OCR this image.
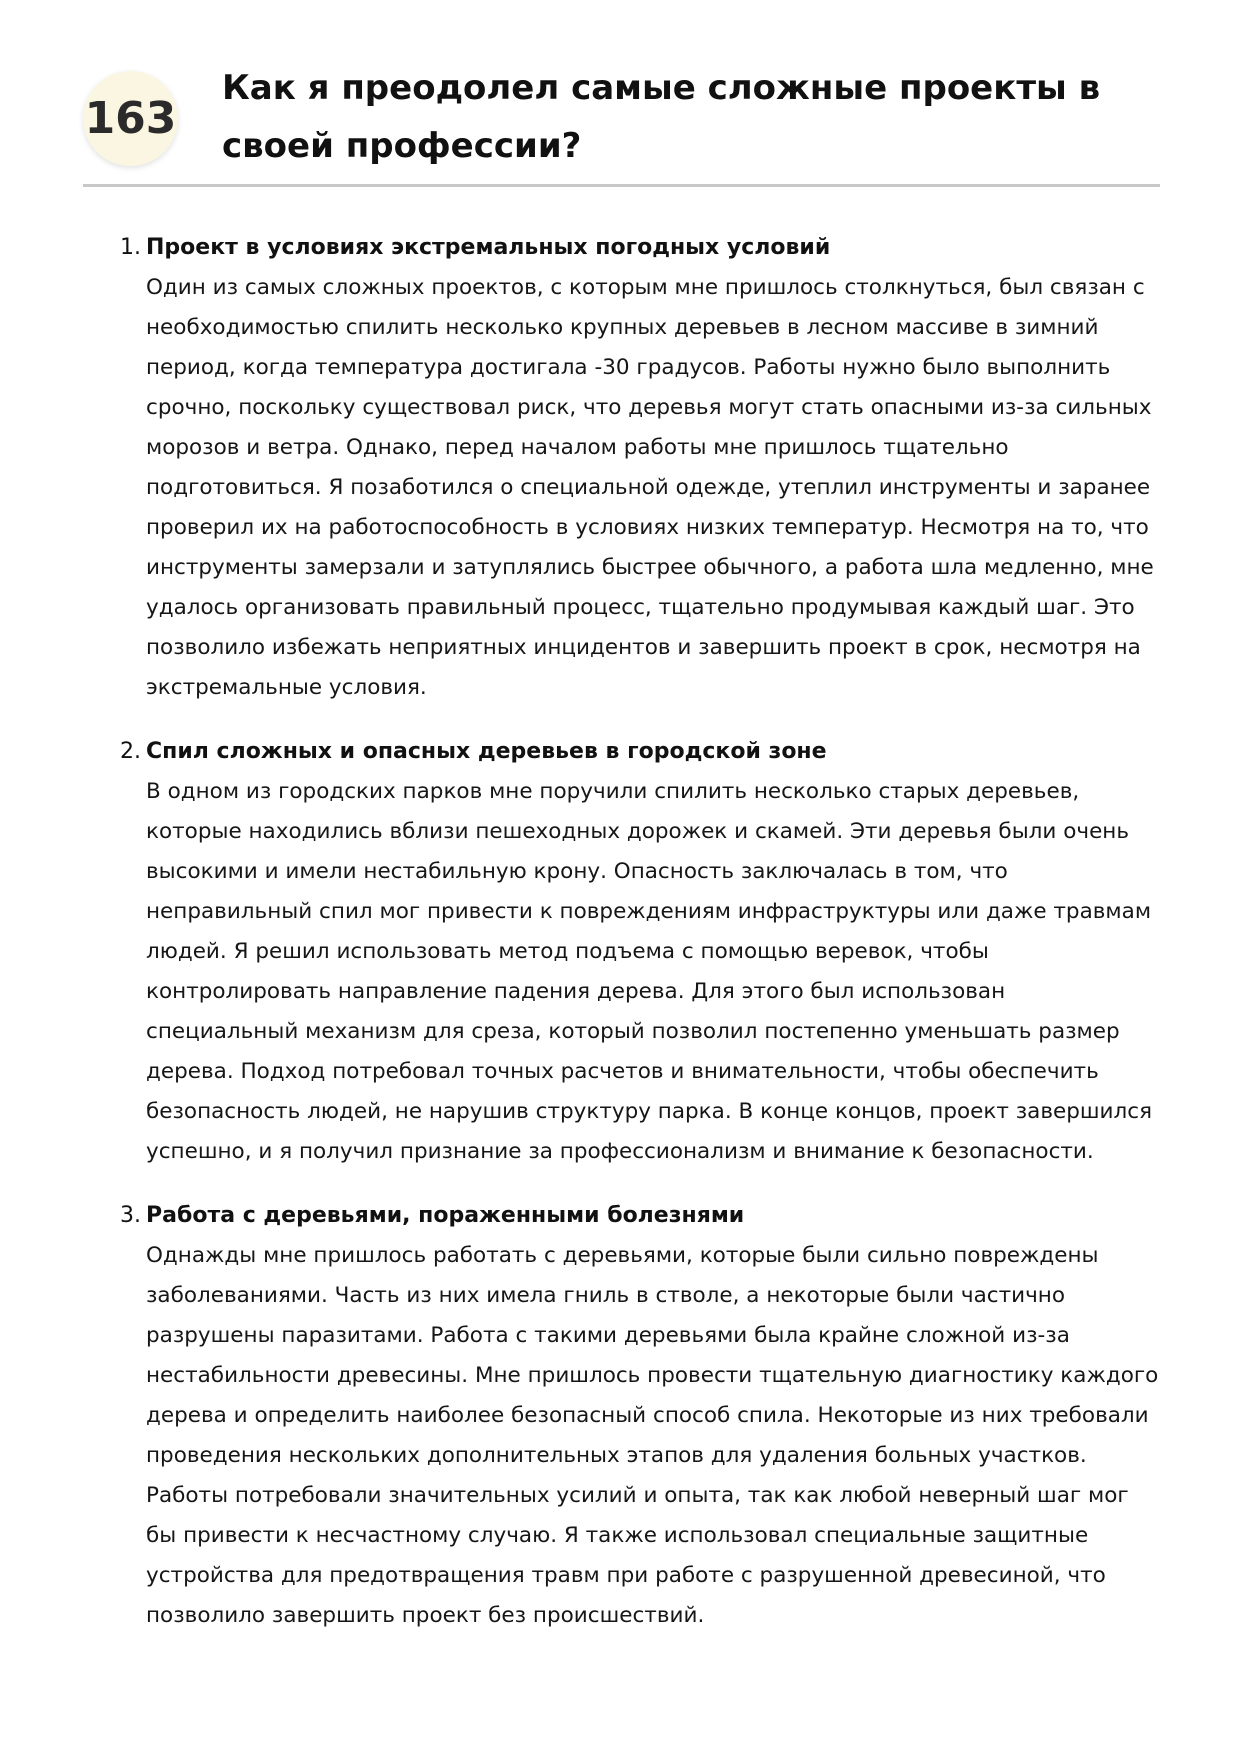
163
Как я преодолел самые сложные проекты в своей профессии?
1. Проект в условиях экстремальных погодных условий

Один из самых сложных проектов, с которым мне пришлось столкнуться, был связан с необходимостью спилить несколько крупных деревьев в лесном массиве в зимний период, когда температура достигала -30 градусов. Работы нужно было выполнить срочно, поскольку существовал риск, что деревья могут стать опасными из-за сильных морозов и ветра. Однако, перед началом работы мне пришлось тщательно подготовиться. Я позаботился о специальной одежде, утеплил инструменты и заранее проверил их на работоспособность в условиях низких температур. Несмотря на то, что инструменты замерзали и затуплялись быстрее обычного, а работа шла медленно, мне удалось организовать правильный процесс, тщательно продумывая каждый шаг. Это позволило избежать неприятных инцидентов и завершить проект в срок, несмотря на экстремальные условия.

2. Спил сложных и опасных деревьев в городской зоне

В одном из городских парков мне поручили спилить несколько старых деревьев, которые находились вблизи пешеходных дорожек и скамей. Эти деревья были очень высокими и имели нестабильную крону. Опасность заключалась в том, что неправильный спил мог привести к повреждениям инфраструктуры или даже травмам людей. Я решил использовать метод подъема с помощью веревок, чтобы контролировать направление падения дерева. Для этого был использован специальный механизм для среза, который позволил постепенно уменьшать размер дерева. Подход потребовал точных расчетов и внимательности, чтобы обеспечить безопасность людей, не нарушив структуру парка. В конце концов, проект завершился успешно, и я получил признание за профессионализм и внимание к безопасности.

3. Работа с деревьями, пораженными болезнями

Однажды мне пришлось работать с деревьями, которые были сильно повреждены заболеваниями. Часть из них имела гниль в стволе, а некоторые были частично разрушены паразитами. Работа с такими деревьями была крайне сложной из-за нестабильности древесины. Мне пришлось провести тщательную диагностику каждого дерева и определить наиболее безопасный способ спила. Некоторые из них требовали проведения нескольких дополнительных этапов для удаления больных участков. Работы потребовали значительных усилий и опыта, так как любой неверный шаг мог бы привести к несчастному случаю. Я также использовал специальные защитные устройства для предотвращения травм при работе с разрушенной древесиной, что позволило завершить проект без происшествий.
